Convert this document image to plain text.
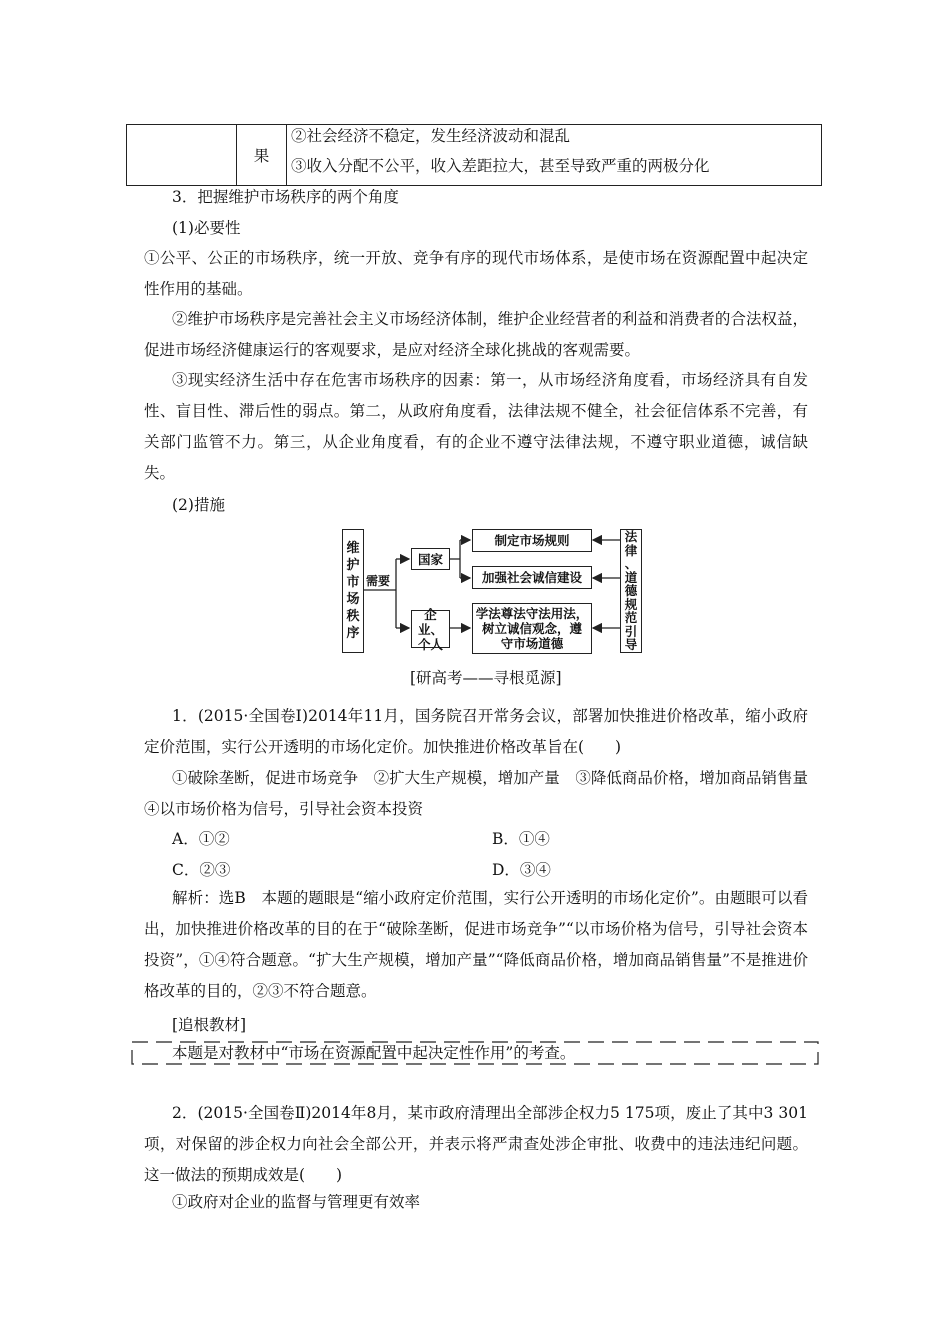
果
②社会经济不稳定，发生经济波动和混乱
③收入分配不公平，收入差距拉大，甚至导致严重的两极分化
3．把握维护市场秩序的两个角度
(1)必要性
①公平、公正的市场秩序，统一开放、竞争有序的现代市场体系，是使市场在资源配置中起决定性作用的基础。
②维护市场秩序是完善社会主义市场经济体制，维护企业经营者的利益和消费者的合法权益，促进市场经济健康运行的客观要求，是应对经济全球化挑战的客观需要。
③现实经济生活中存在危害市场秩序的因素：第一，从市场经济角度看，市场经济具有自发性、盲目性、滞后性的弱点。第二，从政府角度看，法律法规不健全，社会征信体系不完善，有关部门监管不力。第三，从企业角度看，有的企业不遵守法律法规，不遵守职业道德，诚信缺失。
(2)措施
维
护
市
场
秩
序
需要
国家
企业、
个人
制定市场规则
加强社会诚信建设
学法尊法守法用法，
树立诚信观念，遵
守市场道德
法
律
、
道
德
规
范
引
导
[研高考——寻根觅源]
1．(2015·全国卷Ⅰ)2014年11月，国务院召开常务会议，部署加快推进价格改革，缩小政府定价范围，实行公开透明的市场化定价。加快推进价格改革旨在(　　)
①破除垄断，促进市场竞争　②扩大生产规模，增加产量　③降低商品价格，增加商品销售量　④以市场价格为信号，引导社会资本投资
A．①②	B．①④
C．②③	D．③④
解析：选B　本题的题眼是“缩小政府定价范围，实行公开透明的市场化定价”。由题眼可以看出，加快推进价格改革的目的在于“破除垄断，促进市场竞争”“以市场价格为信号，引导社会资本投资”，①④符合题意。“扩大生产规模，增加产量”“降低商品价格，增加商品销售量”不是推进价格改革的目的，②③不符合题意。
[追根教材]
本题是对教材中“市场在资源配置中起决定性作用”的考查。
2．(2015·全国卷Ⅱ)2014年8月，某市政府清理出全部涉企权力5 175项，废止了其中3 301项，对保留的涉企权力向社会全部公开，并表示将严肃查处涉企审批、收费中的违法违纪问题。这一做法的预期成效是(　　)
①政府对企业的监督与管理更有效率
